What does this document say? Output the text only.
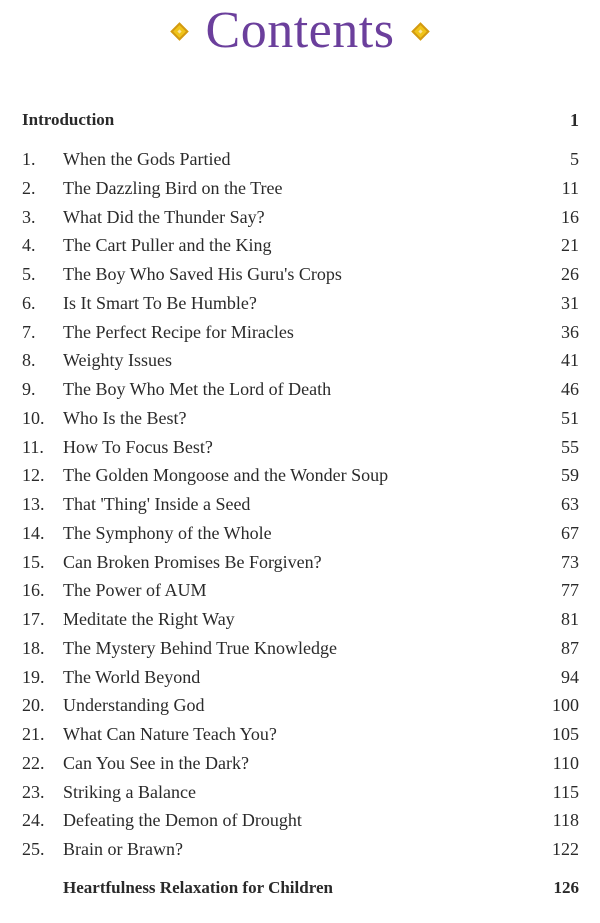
Contents
Introduction	1
1.	When the Gods Partied	5
2.	The Dazzling Bird on the Tree	11
3.	What Did the Thunder Say?	16
4.	The Cart Puller and the King	21
5.	The Boy Who Saved His Guru's Crops	26
6.	Is It Smart To Be Humble?	31
7.	The Perfect Recipe for Miracles	36
8.	Weighty Issues	41
9.	The Boy Who Met the Lord of Death	46
10.	Who Is the Best?	51
11.	How To Focus Best?	55
12.	The Golden Mongoose and the Wonder Soup	59
13.	That 'Thing' Inside a Seed	63
14.	The Symphony of the Whole	67
15.	Can Broken Promises Be Forgiven?	73
16.	The Power of AUM	77
17.	Meditate the Right Way	81
18.	The Mystery Behind True Knowledge	87
19.	The World Beyond	94
20.	Understanding God	100
21.	What Can Nature Teach You?	105
22.	Can You See in the Dark?	110
23.	Striking a Balance	115
24.	Defeating the Demon of Drought	118
25.	Brain or Brawn?	122
Heartfulness Relaxation for Children	126
